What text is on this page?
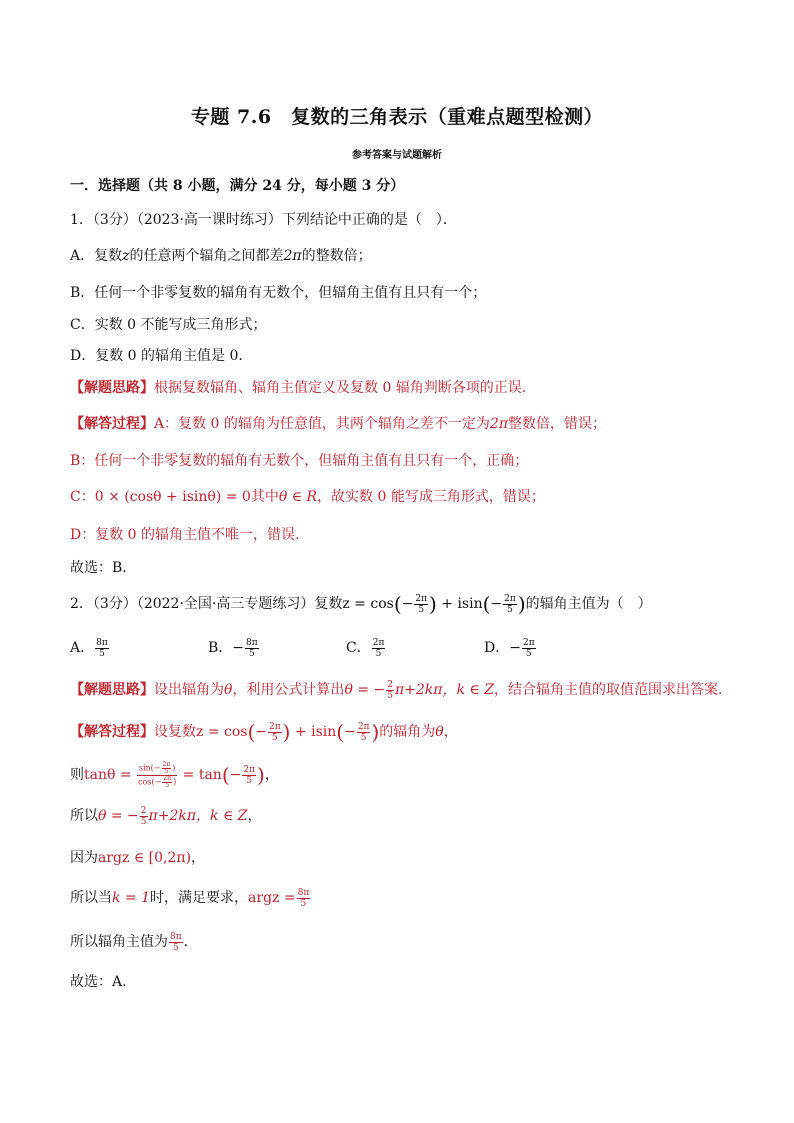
专题 7.6　复数的三角表示（重难点题型检测）
参考答案与试题解析
一．选择题（共 8 小题，满分 24 分，每小题 3 分）
1．（3分）（2023·高一课时练习）下列结论中正确的是（　）．
A．复数z的任意两个辐角之间都差2π的整数倍；
B．任何一个非零复数的辐角有无数个，但辐角主值有且只有一个；
C．实数 0 不能写成三角形式；
D．复数 0 的辐角主值是 0．
【解题思路】根据复数辐角、辐角主值定义及复数 0 辐角判断各项的正误.
【解答过程】A：复数 0 的辐角为任意值，其两个辐角之差不一定为2π整数倍，错误；
B：任何一个非零复数的辐角有无数个，但辐角主值有且只有一个，正确；
C：0 × (cosθ + isinθ) = 0其中θ ∈ R，故实数 0 能写成三角形式，错误；
D：复数 0 的辐角主值不唯一，错误.
故选：B.
2．（3分）（2022·全国·高三专题练习）复数$z = \cos(- \frac{2\pi}{5}$ ) + $isin(- \frac{2\pi}{5}$ )的辐角主值为（　）
A． $\frac{8\pi}{5}$	B．− $\frac{8\pi}{5}$	C． $\frac{2\pi}{5}$	D．− $\frac{2\pi}{5}$
【解题思路】设出辐角为θ，利用公式计算出θ = − $\frac{2}{5} \pi+2k\pi$，k ∈ Z，结合辐角主值的取值范围求出答案.
【解答过程】设复数$z = \cos(- \frac{2\pi}{5}$ ) + $isin(- \frac{2\pi}{5}$ )的辐角为θ，
则$\tan\theta = \frac{\sin(- \frac{2\pi}{5} )}{\cos(- \frac{2\pi}{5} )} = \tan(- \frac{2\pi}{5}$ )，
所以θ = − $\frac{2}{5} \pi+2k\pi$，k ∈ Z，
因为argz ∈ [0,2π)，
所以当k = 1时，满足要求，argz = $\frac{8\pi}{5}$
所以辐角主值为 $\frac{8\pi}{5}$ .
故选：A.
